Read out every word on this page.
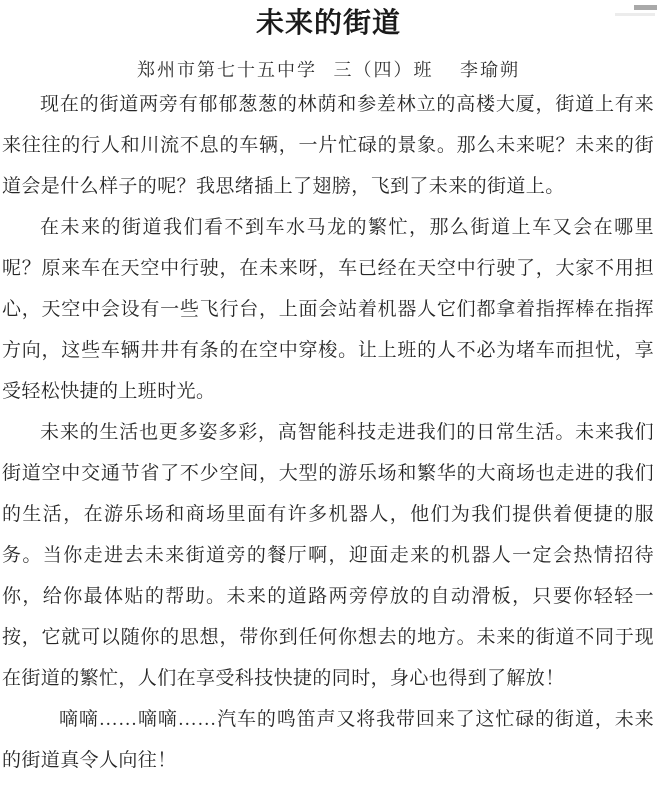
未来的街道
郑州市第七十五中学 三（四）班 李瑜朔

现在的街道两旁有郁郁葱葱的林荫和参差林立的高楼大厦，街道上有来来往往的行人和川流不息的车辆，一片忙碌的景象。那么未来呢？未来的街道会是什么样子的呢？我思绪插上了翅膀，飞到了未来的街道上。

在未来的街道我们看不到车水马龙的繁忙，那么街道上车又会在哪里呢？原来车在天空中行驶，在未来呀，车已经在天空中行驶了，大家不用担心，天空中会设有一些飞行台，上面会站着机器人它们都拿着指挥棒在指挥方向，这些车辆井井有条的在空中穿梭。让上班的人不必为堵车而担忧，享受轻松快捷的上班时光。

未来的生活也更多姿多彩，高智能科技走进我们的日常生活。未来我们街道空中交通节省了不少空间，大型的游乐场和繁华的大商场也走进的我们的生活，在游乐场和商场里面有许多机器人，他们为我们提供着便捷的服务。当你走进去未来街道旁的餐厅啊，迎面走来的机器人一定会热情招待你，给你最体贴的帮助。未来的道路两旁停放的自动滑板，只要你轻轻一按，它就可以随你的思想，带你到任何你想去的地方。未来的街道不同于现在街道的繁忙，人们在享受科技快捷的同时，身心也得到了解放！

嘀嘀……嘀嘀……汽车的鸣笛声又将我带回来了这忙碌的街道，未来的街道真令人向往！
